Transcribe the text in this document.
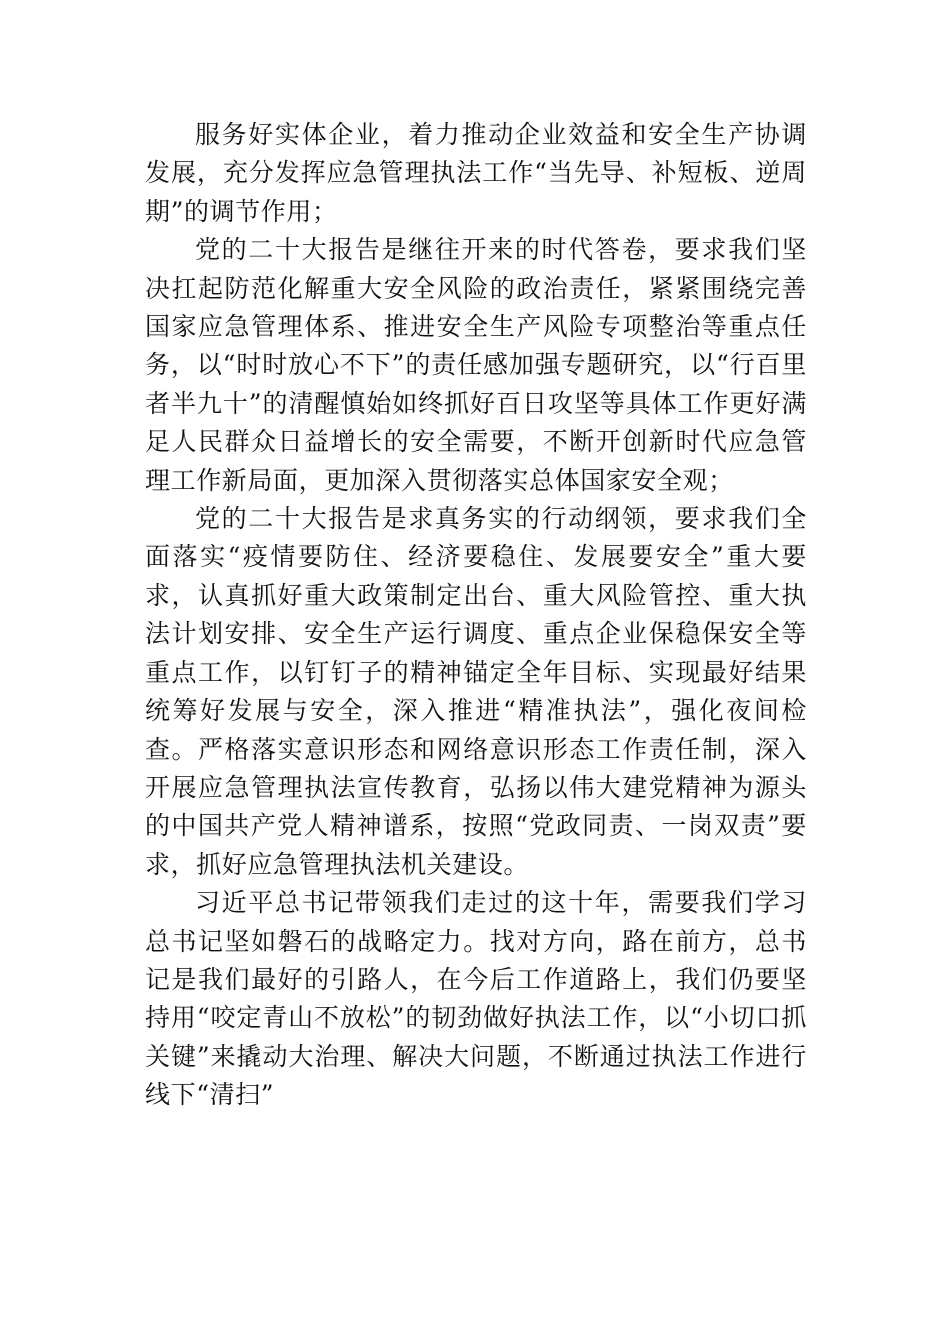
服务好实体企业，着力推动企业效益和安全生产协调发展，充分发挥应急管理执法工作“当先导、补短板、逆周期”的调节作用；

党的二十大报告是继往开来的时代答卷，要求我们坚决扛起防范化解重大安全风险的政治责任，紧紧围绕完善国家应急管理体系、推进安全生产风险专项整治等重点任务，以“时时放心不下”的责任感加强专题研究，以“行百里者半九十”的清醒慎始如终抓好百日攻坚等具体工作更好满足人民群众日益增长的安全需要，不断开创新时代应急管理工作新局面，更加深入贯彻落实总体国家安全观；

党的二十大报告是求真务实的行动纲领，要求我们全面落实“疫情要防住、经济要稳住、发展要安全”重大要求，认真抓好重大政策制定出台、重大风险管控、重大执法计划安排、安全生产运行调度、重点企业保稳保安全等重点工作，以钉钉子的精神锚定全年目标、实现最好结果统筹好发展与安全，深入推进“精准执法”，强化夜间检查。严格落实意识形态和网络意识形态工作责任制，深入开展应急管理执法宣传教育，弘扬以伟大建党精神为源头的中国共产党人精神谱系，按照“党政同责、一岗双责”要求，抓好应急管理执法机关建设。

习近平总书记带领我们走过的这十年，需要我们学习总书记坚如磐石的战略定力。找对方向，路在前方，总书记是我们最好的引路人，在今后工作道路上，我们仍要坚持用“咬定青山不放松”的韧劲做好执法工作，以“小切口抓关键”来撬动大治理、解决大问题，不断通过执法工作进行线下“清扫”
